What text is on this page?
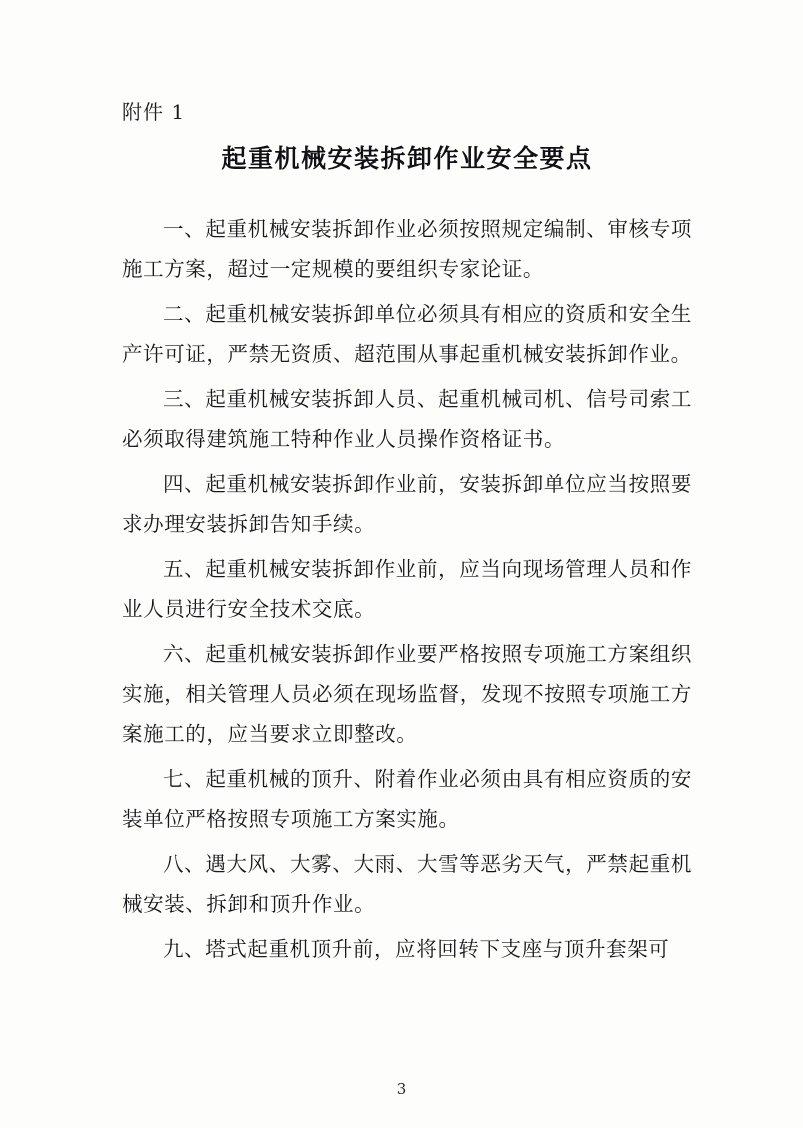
附件 1
起重机械安装拆卸作业安全要点

一、起重机械安装拆卸作业必须按照规定编制、审核专项施工方案，超过一定规模的要组织专家论证。

二、起重机械安装拆卸单位必须具有相应的资质和安全生产许可证，严禁无资质、超范围从事起重机械安装拆卸作业。

三、起重机械安装拆卸人员、起重机械司机、信号司索工必须取得建筑施工特种作业人员操作资格证书。

四、起重机械安装拆卸作业前，安装拆卸单位应当按照要求办理安装拆卸告知手续。

五、起重机械安装拆卸作业前，应当向现场管理人员和作业人员进行安全技术交底。

六、起重机械安装拆卸作业要严格按照专项施工方案组织实施，相关管理人员必须在现场监督，发现不按照专项施工方案施工的，应当要求立即整改。

七、起重机械的顶升、附着作业必须由具有相应资质的安装单位严格按照专项施工方案实施。

八、遇大风、大雾、大雨、大雪等恶劣天气，严禁起重机械安装、拆卸和顶升作业。

九、塔式起重机顶升前，应将回转下支座与顶升套架可

3
